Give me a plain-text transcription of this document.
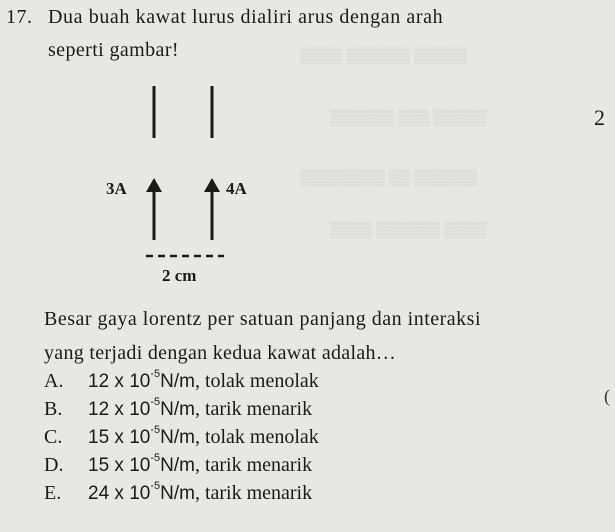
▒▒▒▒▒ ▒▒▒▒▒▒ ▒▒▒▒
▒▒▒▒▒ ▒▒▒ ▒▒▒▒▒▒
▒▒▒▒▒▒ ▒▒ ▒▒▒▒▒▒▒▒
▒▒▒▒ ▒▒▒▒▒▒ ▒▒▒▒
17. Dua buah kawat lurus dialiri arus dengan arah
seperti gambar!
2
(
3A	4A
2 cm
Besar gaya lorentz per satuan panjang dan interaksi
yang terjadi dengan kedua kawat adalah…
A.	12 x $10^{-5}$ N/m , tolak menolak
B.	12 x $10^{-5}$ N/m , tarik menarik
C.	15 x $10^{-5}$ N/m , tolak menolak
D.	15 x $10^{-5}$ N/m , tarik menarik
E.	24 x $10^{-5}$ N/m , tarik menarik
